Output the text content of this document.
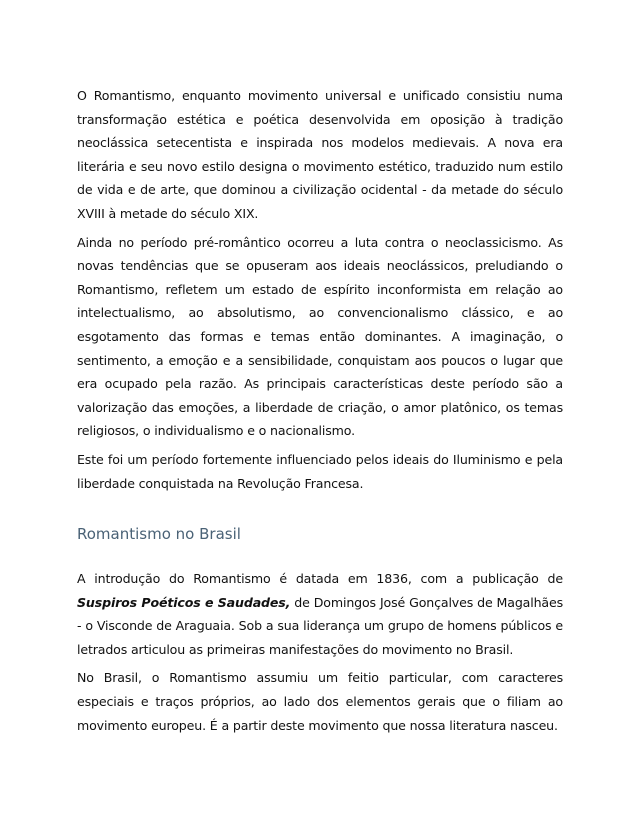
O Romantismo, enquanto movimento universal e unificado consistiu numa transformação estética e poética desenvolvida em oposição à tradição neoclássica setecentista e inspirada nos modelos medievais. A nova era literária e seu novo estilo designa o movimento estético, traduzido num estilo de vida e de arte, que dominou a civilização ocidental - da metade do século XVIII à metade do século XIX.

Ainda no período pré-romântico ocorreu a luta contra o neoclassicismo. As novas tendências que se opuseram aos ideais neoclássicos, preludiando o Romantismo, refletem um estado de espírito inconformista em relação ao intelectualismo, ao absolutismo, ao convencionalismo clássico, e ao esgotamento das formas e temas então dominantes. A imaginação, o sentimento, a emoção e a sensibilidade, conquistam aos poucos o lugar que era ocupado pela razão. As principais características deste período são a valorização das emoções, a liberdade de criação, o amor platônico, os temas religiosos, o individualismo e o nacionalismo.

Este foi um período fortemente influenciado pelos ideais do Iluminismo e pela liberdade conquistada na Revolução Francesa.

Romantismo no Brasil

A introdução do Romantismo é datada em 1836, com a publicação de Suspiros Poéticos e Saudades, de Domingos José Gonçalves de Magalhães - o Visconde de Araguaia. Sob a sua liderança um grupo de homens públicos e letrados articulou as primeiras manifestações do movimento no Brasil.

No Brasil, o Romantismo assumiu um feitio particular, com caracteres especiais e traços próprios, ao lado dos elementos gerais que o filiam ao movimento europeu. É a partir deste movimento que nossa literatura nasceu.
